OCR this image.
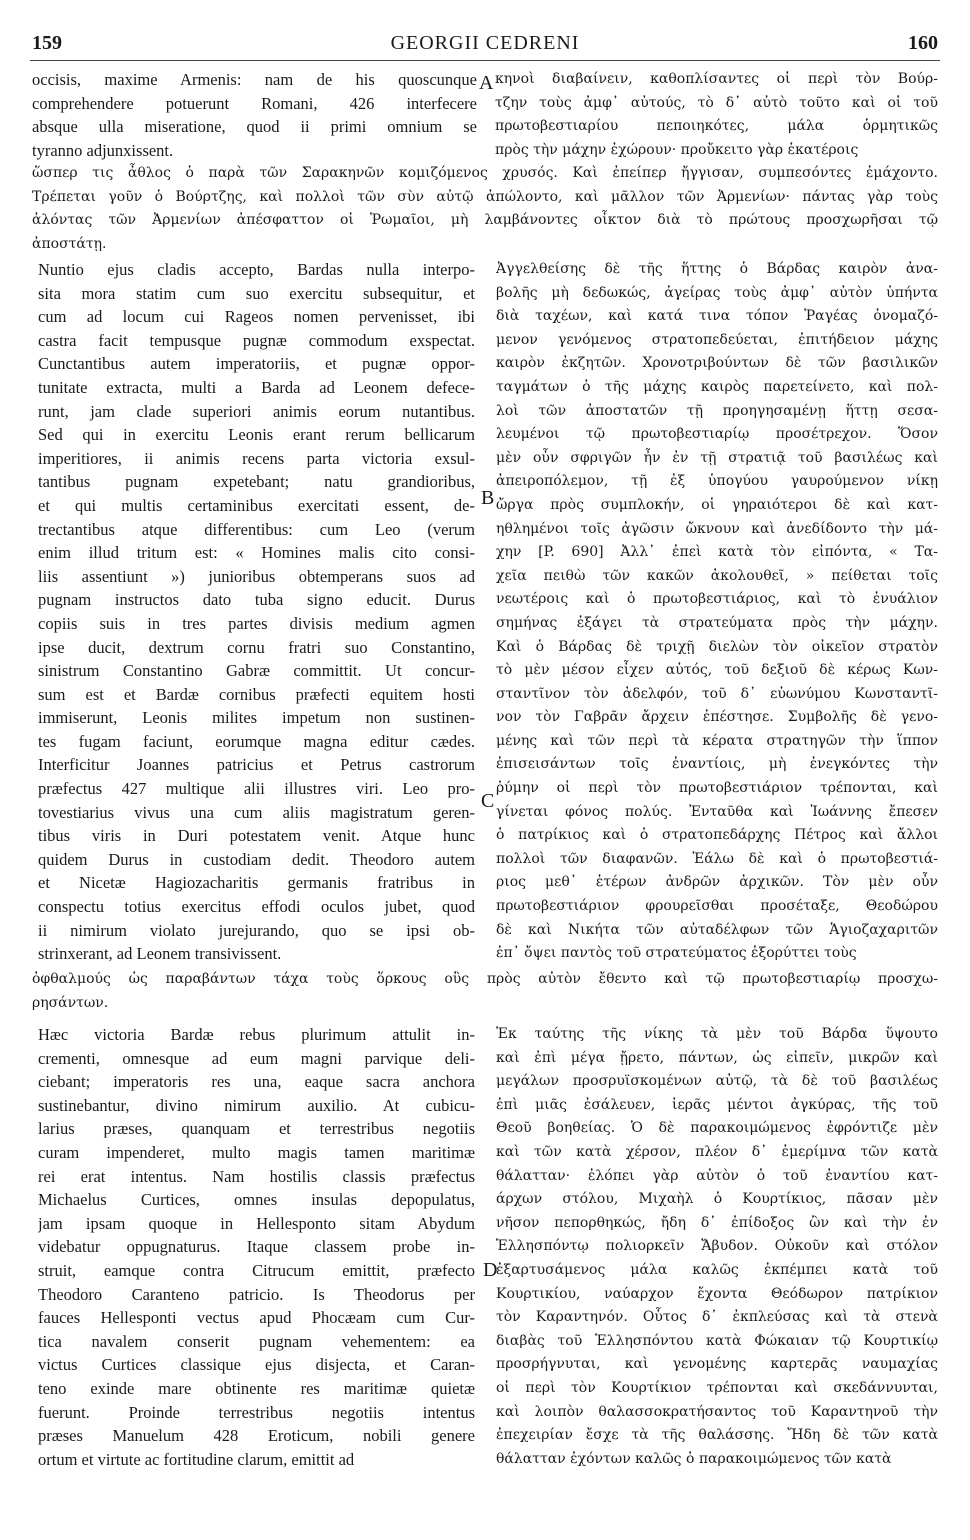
159	GEORGII CEDRENI	160
occisis, maxime Armenis: nam de his quoscunque
comprehendere potuerunt Romani, 426 interfecere
absque ulla miseratione, quod ii primi omnium se
tyranno adjunxissent.
κηνοὶ διαβαίνειν, καθοπλίσαντες οἱ περὶ τὸν Βούρ-
τζην τοὺς ἀμφ᾽ αὐτούς, τὸ δ᾽ αὐτὸ τοῦτο καὶ οἱ τοῦ
πρωτοβεστιαρίου πεποιηκότες, μάλα ὁρμητικῶς
πρὸς τὴν μάχην ἐχώρουν· προὔκειτο γὰρ ἑκατέροις
ὥσπερ τις ἆθλος ὁ παρὰ τῶν Σαρακηνῶν κομιζόμενος χρυσός. Καὶ ἐπείπερ ἤγγισαν, συμπεσόντες ἐμάχοντο.
Τρέπεται γοῦν ὁ Βούρτζης, καὶ πολλοὶ τῶν σὺν αὐτῷ ἀπώλοντο, καὶ μᾶλλον τῶν Ἀρμενίων· πάντας γὰρ τοὺς
ἁλόντας τῶν Ἀρμενίων ἀπέσφαττον οἱ Ῥωμαῖοι, μὴ λαμβάνοντες οἶκτον διὰ τὸ πρώτους προσχωρῆσαι τῷ
ἀποστάτῃ.
Nuntio ejus cladis accepto, Bardas nulla interpo-
sita mora statim cum suo exercitu subsequitur, et
cum ad locum cui Rageos nomen pervenisset, ibi
castra facit tempusque pugnæ commodum exspectat.
Cunctantibus autem imperatoriis, et pugnæ oppor-
tunitate extracta, multi a Barda ad Leonem defece-
runt, jam clade superiori animis eorum nutantibus.
Sed qui in exercitu Leonis erant rerum bellicarum
imperitiores, ii animis recens parta victoria exsul-
tantibus pugnam expetebant; natu grandioribus,
et qui multis certaminibus exercitati essent, de-
trectantibus atque differentibus: cum Leo (verum
enim illud tritum est: « Homines malis cito consi-
liis assentiunt ») junioribus obtemperans suos ad
pugnam instructos dato tuba signo educit. Durus
copiis suis in tres partes divisis medium agmen
ipse ducit, dextrum cornu fratri suo Constantino,
sinistrum Constantino Gabræ committit. Ut concur-
sum est et Bardæ cornibus præfecti equitem hosti
immiserunt, Leonis milites impetum non sustinen-
tes fugam faciunt, eorumque magna editur cædes.
Interficitur Joannes patricius et Petrus castrorum
præfectus 427 multique alii illustres viri. Leo pro-
tovestiarius vivus una cum aliis magistratum geren-
tibus viris in Duri potestatem venit. Atque hunc
quidem Durus in custodiam dedit. Theodoro autem
et Nicetæ Hagiozacharitis germanis fratribus in
conspectu totius exercitus effodi oculos jubet, quod
ii nimirum violato jurejurando, quo se ipsi ob-
strinxerant, ad Leonem transivissent.
Ἀγγελθείσης δὲ τῆς ἥττης ὁ Βάρδας καιρὸν ἀνα-
βολῆς μὴ δεδωκώς, ἀγείρας τοὺς ἀμφ᾽ αὐτὸν ὑπήντα
διὰ ταχέων, καὶ κατά τινα τόπον Ῥαγέας ὀνομαζό-
μενον γενόμενος στρατοπεδεύεται, ἐπιτήδειον μάχης
καιρὸν ἐκζητῶν. Χρονοτριβούντων δὲ τῶν βασιλικῶν
ταγμάτων ὁ τῆς μάχης καιρὸς παρετείνετο, καὶ πολ-
λοὶ τῶν ἀποστατῶν τῇ προηγησαμένῃ ἥττῃ σεσα-
λευμένοι τῷ πρωτοβεστιαρίῳ προσέτρεχον. Ὅσον
μὲν οὖν σφριγῶν ἦν ἐν τῇ στρατιᾷ τοῦ βασιλέως καὶ
ἀπειροπόλεμον, τῇ ἐξ ὑπογύου γαυρούμενον νίκῃ
ὤργα πρὸς συμπλοκήν, οἱ γηραιότεροι δὲ καὶ κατ-
ηθλημένοι τοῖς ἀγῶσιν ὤκνουν καὶ ἀνεδίδοντο τὴν μά-
χην [P. 690] Ἀλλ᾽ ἐπεὶ κατὰ τὸν εἰπόντα, « Τα-
χεῖα πειθὼ τῶν κακῶν ἀκολουθεῖ, » πείθεται τοῖς
νεωτέροις καὶ ὁ πρωτοβεστιάριος, καὶ τὸ ἐνυάλιον
σημήνας ἐξάγει τὰ στρατεύματα πρὸς τὴν μάχην.
Καὶ ὁ Βάρδας δὲ τριχῇ διελὼν τὸν οἰκεῖον στρατὸν
τὸ μὲν μέσον εἶχεν αὐτός, τοῦ δεξιοῦ δὲ κέρως Κων-
σταντῖνον τὸν ἀδελφόν, τοῦ δ᾽ εὐωνύμου Κωνσταντῖ-
νον τὸν Γαβρᾶν ἄρχειν ἐπέστησε. Συμβολῆς δὲ γενο-
μένης καὶ τῶν περὶ τὰ κέρατα στρατηγῶν τὴν ἵππον
ἐπισεισάντων τοῖς ἐναντίοις, μὴ ἐνεγκόντες τὴν
ῥύμην οἱ περὶ τὸν πρωτοβεστιάριον τρέπονται, καὶ
γίνεται φόνος πολύς. Ἐνταῦθα καὶ Ἰωάννης ἔπεσεν
ὁ πατρίκιος καὶ ὁ στρατοπεδάρχης Πέτρος καὶ ἄλλοι
πολλοὶ τῶν διαφανῶν. Ἑάλω δὲ καὶ ὁ πρωτοβεστιά-
ριος μεθ᾽ ἑτέρων ἀνδρῶν ἀρχικῶν. Τὸν μὲν οὖν
πρωτοβεστιάριον φρουρεῖσθαι προσέταξε, Θεοδώρου
δὲ καὶ Νικήτα τῶν αὐταδέλφων τῶν Ἁγιοζαχαριτῶν
ἐπ᾽ ὄψει παντὸς τοῦ στρατεύματος ἐξορύττει τοὺς
ὀφθαλμούς ὡς παραβάντων τάχα τοὺς ὅρκους οὓς πρὸς αὐτὸν ἔθεντο καὶ τῷ πρωτοβεστιαρίῳ προσχω-
ρησάντων.
Hæc victoria Bardæ rebus plurimum attulit in-
crementi, omnesque ad eum magni parvique deli-
ciebant; imperatoris res una, eaque sacra anchora
sustinebantur, divino nimirum auxilio. At cubicu-
larius præses, quanquam et terrestribus negotiis
curam impenderet, multo magis tamen maritimæ
rei erat intentus. Nam hostilis classis præfectus
Michaelus Curtices, omnes insulas depopulatus,
jam ipsam quoque in Hellesponto sitam Abydum
videbatur oppugnaturus. Itaque classem probe in-
struit, eamque contra Citrucum emittit, præfecto
Theodoro Caranteno patricio. Is Theodorus per
fauces Hellesponti vectus apud Phocæam cum Cur-
tica navalem conserit pugnam vehementem: ea
victus Curtices classique ejus disjecta, et Caran-
tenο exinde mare obtinente res maritimæ quietæ
fuerunt. Proinde terrestribus negotiis intentus
præses Manuelum 428 Eroticum, nobili genere
ortum et virtute ac fortitudine clarum, emittit ad
Ἐκ ταύτης τῆς νίκης τὰ μὲν τοῦ Βάρδα ὕψουτο
καὶ ἐπὶ μέγα ᾔρετο, πάντων, ὡς εἰπεῖν, μικρῶν καὶ
μεγάλων προσρυϊσκομένων αὐτῷ, τὰ δὲ τοῦ βασιλέως
ἐπὶ μιᾶς ἐσάλευεν, ἱερᾶς μέντοι ἀγκύρας, τῆς τοῦ
Θεοῦ βοηθείας. Ὁ δὲ παρακοιμώμενος ἐφρόντιζε μὲν
καὶ τῶν κατὰ χέρσον, πλέον δ᾽ ἐμερίμνα τῶν κατὰ
θάλατταν· ἐλόπει γὰρ αὐτὸν ὁ τοῦ ἐναντίου κατ-
άρχων στόλου, Μιχαὴλ ὁ Κουρτίκιος, πᾶσαν μὲν
νῆσον πεπορθηκώς, ἤδη δ᾽ ἐπίδοξος ὢν καὶ τὴν ἐν
Ἑλλησπόντῳ πολιορκεῖν Ἄβυδον. Οὐκοῦν καὶ στόλον
ἐξαρτυσάμενος μάλα καλῶς ἐκπέμπει κατὰ τοῦ
Κουρτικίου, ναύαρχον ἔχοντα Θεόδωρον πατρίκιον
τὸν Καραντηνόν. Οὗτος δ᾽ ἐκπλεύσας καὶ τὰ στενὰ
διαβὰς τοῦ Ἑλλησπόντου κατὰ Φώκαιαν τῷ Κουρτικίῳ
προσρήγνυται, καὶ γενομένης καρτερᾶς ναυμαχίας
οἱ περὶ τὸν Κουρτίκιον τρέπονται καὶ σκεδάννυνται,
καὶ λοιπὸν θαλασσοκρατήσαντος τοῦ Καραντηνοῦ τὴν
ἐπεχειρίαν ἔσχε τὰ τῆς θαλάσσης. Ἤδη δὲ τῶν κατὰ
θάλατταν ἐχόντων καλῶς ὁ παρακοιμώμενος τῶν κατὰ
A
B
C
D
